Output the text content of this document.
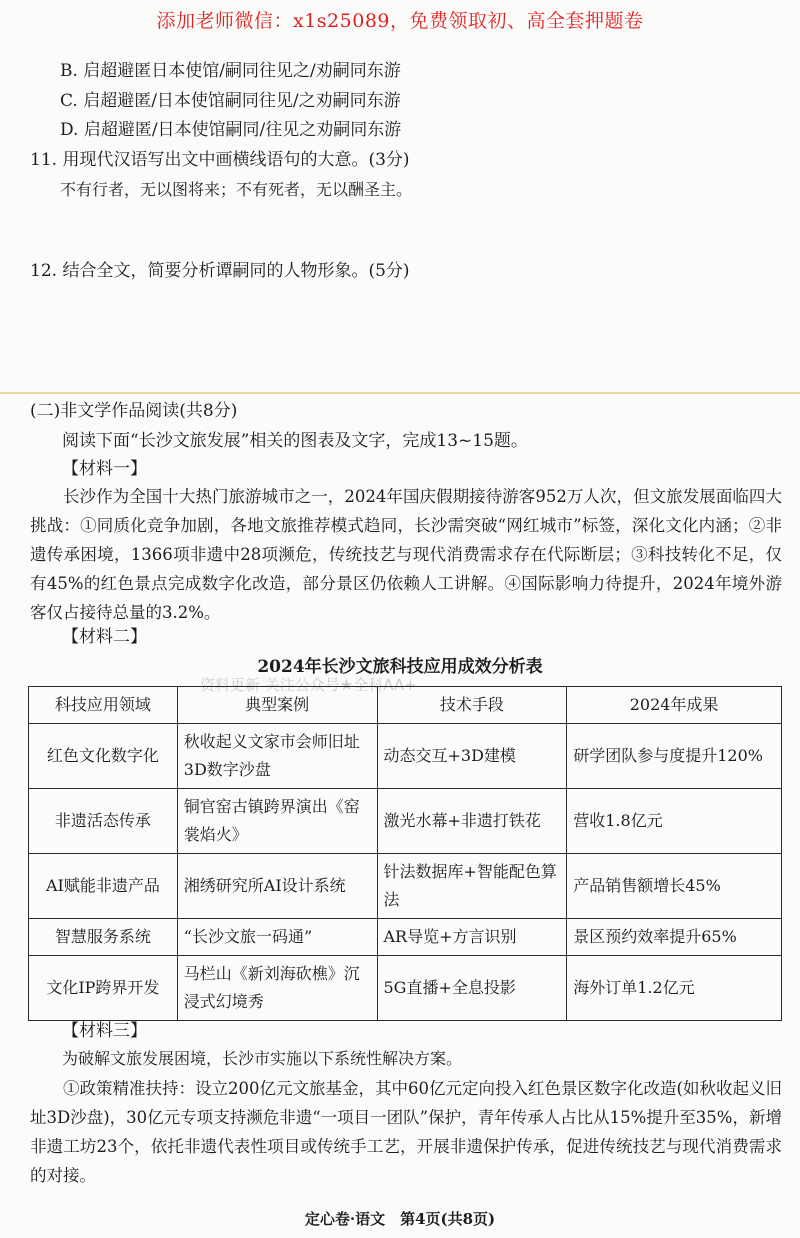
添加老师微信：x1s25089，免费领取初、高全套押题卷
B. 启超避匿日本使馆/嗣同往见之/劝嗣同东游
C. 启超避匿/日本使馆嗣同往见/之劝嗣同东游
D. 启超避匿/日本使馆嗣同/往见之劝嗣同东游
11. 用现代汉语写出文中画横线语句的大意。(3分)
不有行者，无以图将来；不有死者，无以酬圣主。
12. 结合全文，简要分析谭嗣同的人物形象。(5分)
(二)非文学作品阅读(共8分)
阅读下面“长沙文旅发展”相关的图表及文字，完成13~15题。
【材料一】
长沙作为全国十大热门旅游城市之一，2024年国庆假期接待游客952万人次，但文旅发展面临四大挑战：①同质化竞争加剧，各地文旅推荐模式趋同，长沙需突破“网红城市”标签，深化文化内涵；②非遗传承困境，1366项非遗中28项濒危，传统技艺与现代消费需求存在代际断层；③科技转化不足，仅有45%的红色景点完成数字化改造，部分景区仍依赖人工讲解。④国际影响力待提升，2024年境外游客仅占接待总量的3.2%。
【材料二】
2024年长沙文旅科技应用成效分析表
资料更新 关注公众号★全科AA+
科技应用领域	典型案例	技术手段	2024年成果
红色文化数字化	秋收起义文家市会师旧址3D数字沙盘	动态交互+3D建模	研学团队参与度提升120%
非遗活态传承	铜官窑古镇跨界演出《窑裳焰火》	激光水幕+非遗打铁花	营收1.8亿元
AI赋能非遗产品	湘绣研究所AI设计系统	针法数据库+智能配色算法	产品销售额增长45%
智慧服务系统	“长沙文旅一码通”	AR导览+方言识别	景区预约效率提升65%
文化IP跨界开发	马栏山《新刘海砍樵》沉浸式幻境秀	5G直播+全息投影	海外订单1.2亿元
【材料三】
为破解文旅发展困境，长沙市实施以下系统性解决方案。
①政策精准扶持：设立200亿元文旅基金，其中60亿元定向投入红色景区数字化改造(如秋收起义旧址3D沙盘)，30亿元专项支持濒危非遗“一项目一团队”保护，青年传承人占比从15%提升至35%，新增非遗工坊23个，依托非遗代表性项目或传统手工艺，开展非遗保护传承，促进传统技艺与现代消费需求的对接。
定心卷·语文　第4页(共8页)
